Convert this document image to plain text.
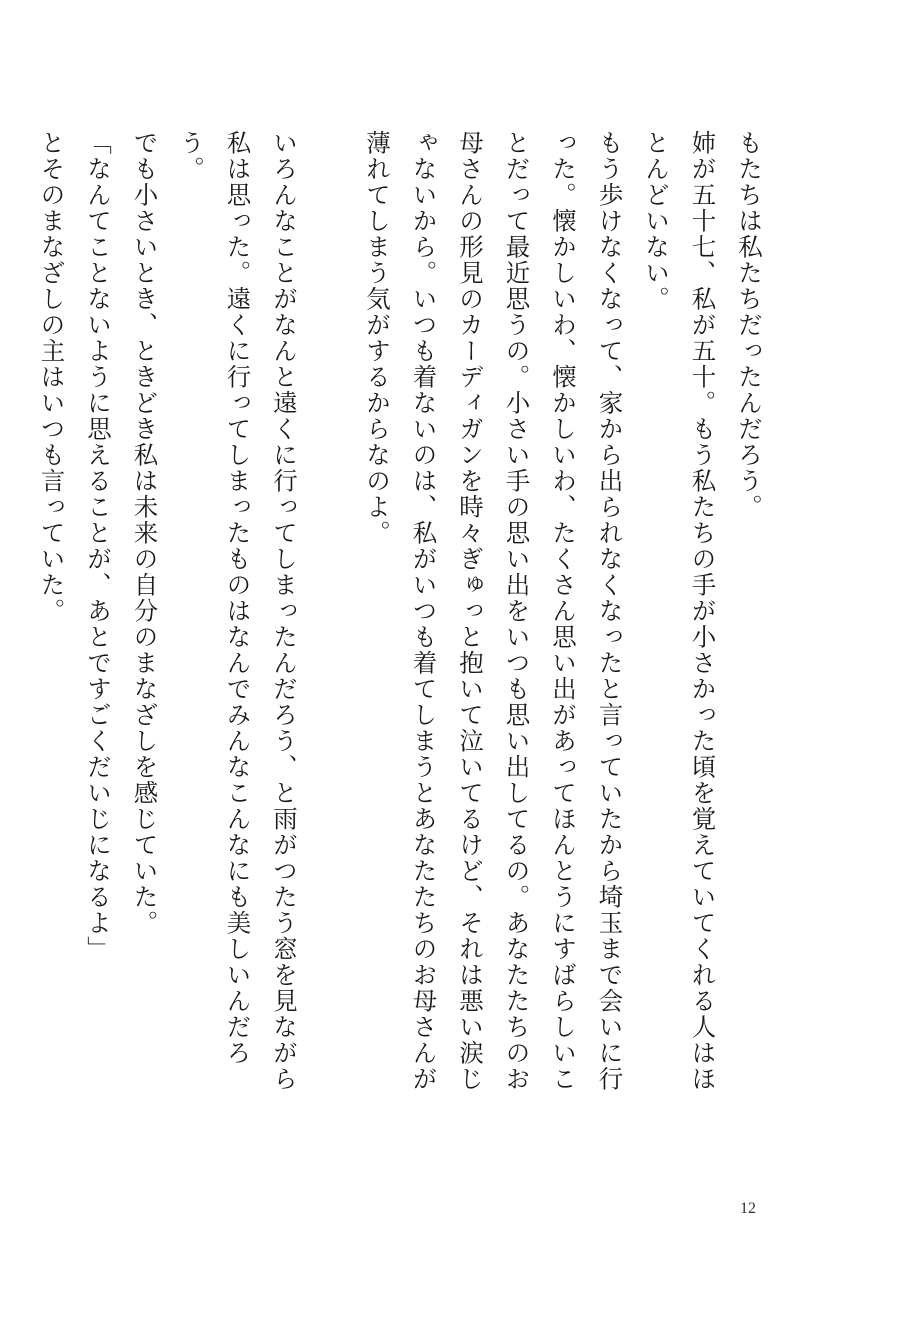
もたちは私たちだったんだろう。

姉が五十七、私が五十。もう私たちの手が小さかった頃を覚えていてくれる人はほとんどいない。

もう歩けなくなって、家から出られなくなったと言っていたから埼玉まで会いに行った。懐かしいわ、懐かしいわ、たくさん思い出があってほんとうにすばらしいことだって最近思うの。小さい手の思い出をいつも思い出してるの。あなたたちのお母さんの形見のカーディガンを時々ぎゅっと抱いて泣いてるけど、それは悪い涙じゃないから。いつも着ないのは、私がいつも着てしまうとあなたたちのお母さんが薄れてしまう気がするからなのよ。

いろんなことがなんと遠くに行ってしまったんだろう、と雨がつたう窓を見ながら私は思った。遠くに行ってしまったものはなんでみんなこんなにも美しいんだろう。

でも小さいとき、ときどき私は未来の自分のまなざしを感じていた。

「なんてことないように思えることが、あとですごくだいじになるよ」

とそのまなざしの主はいつも言っていた。

12
